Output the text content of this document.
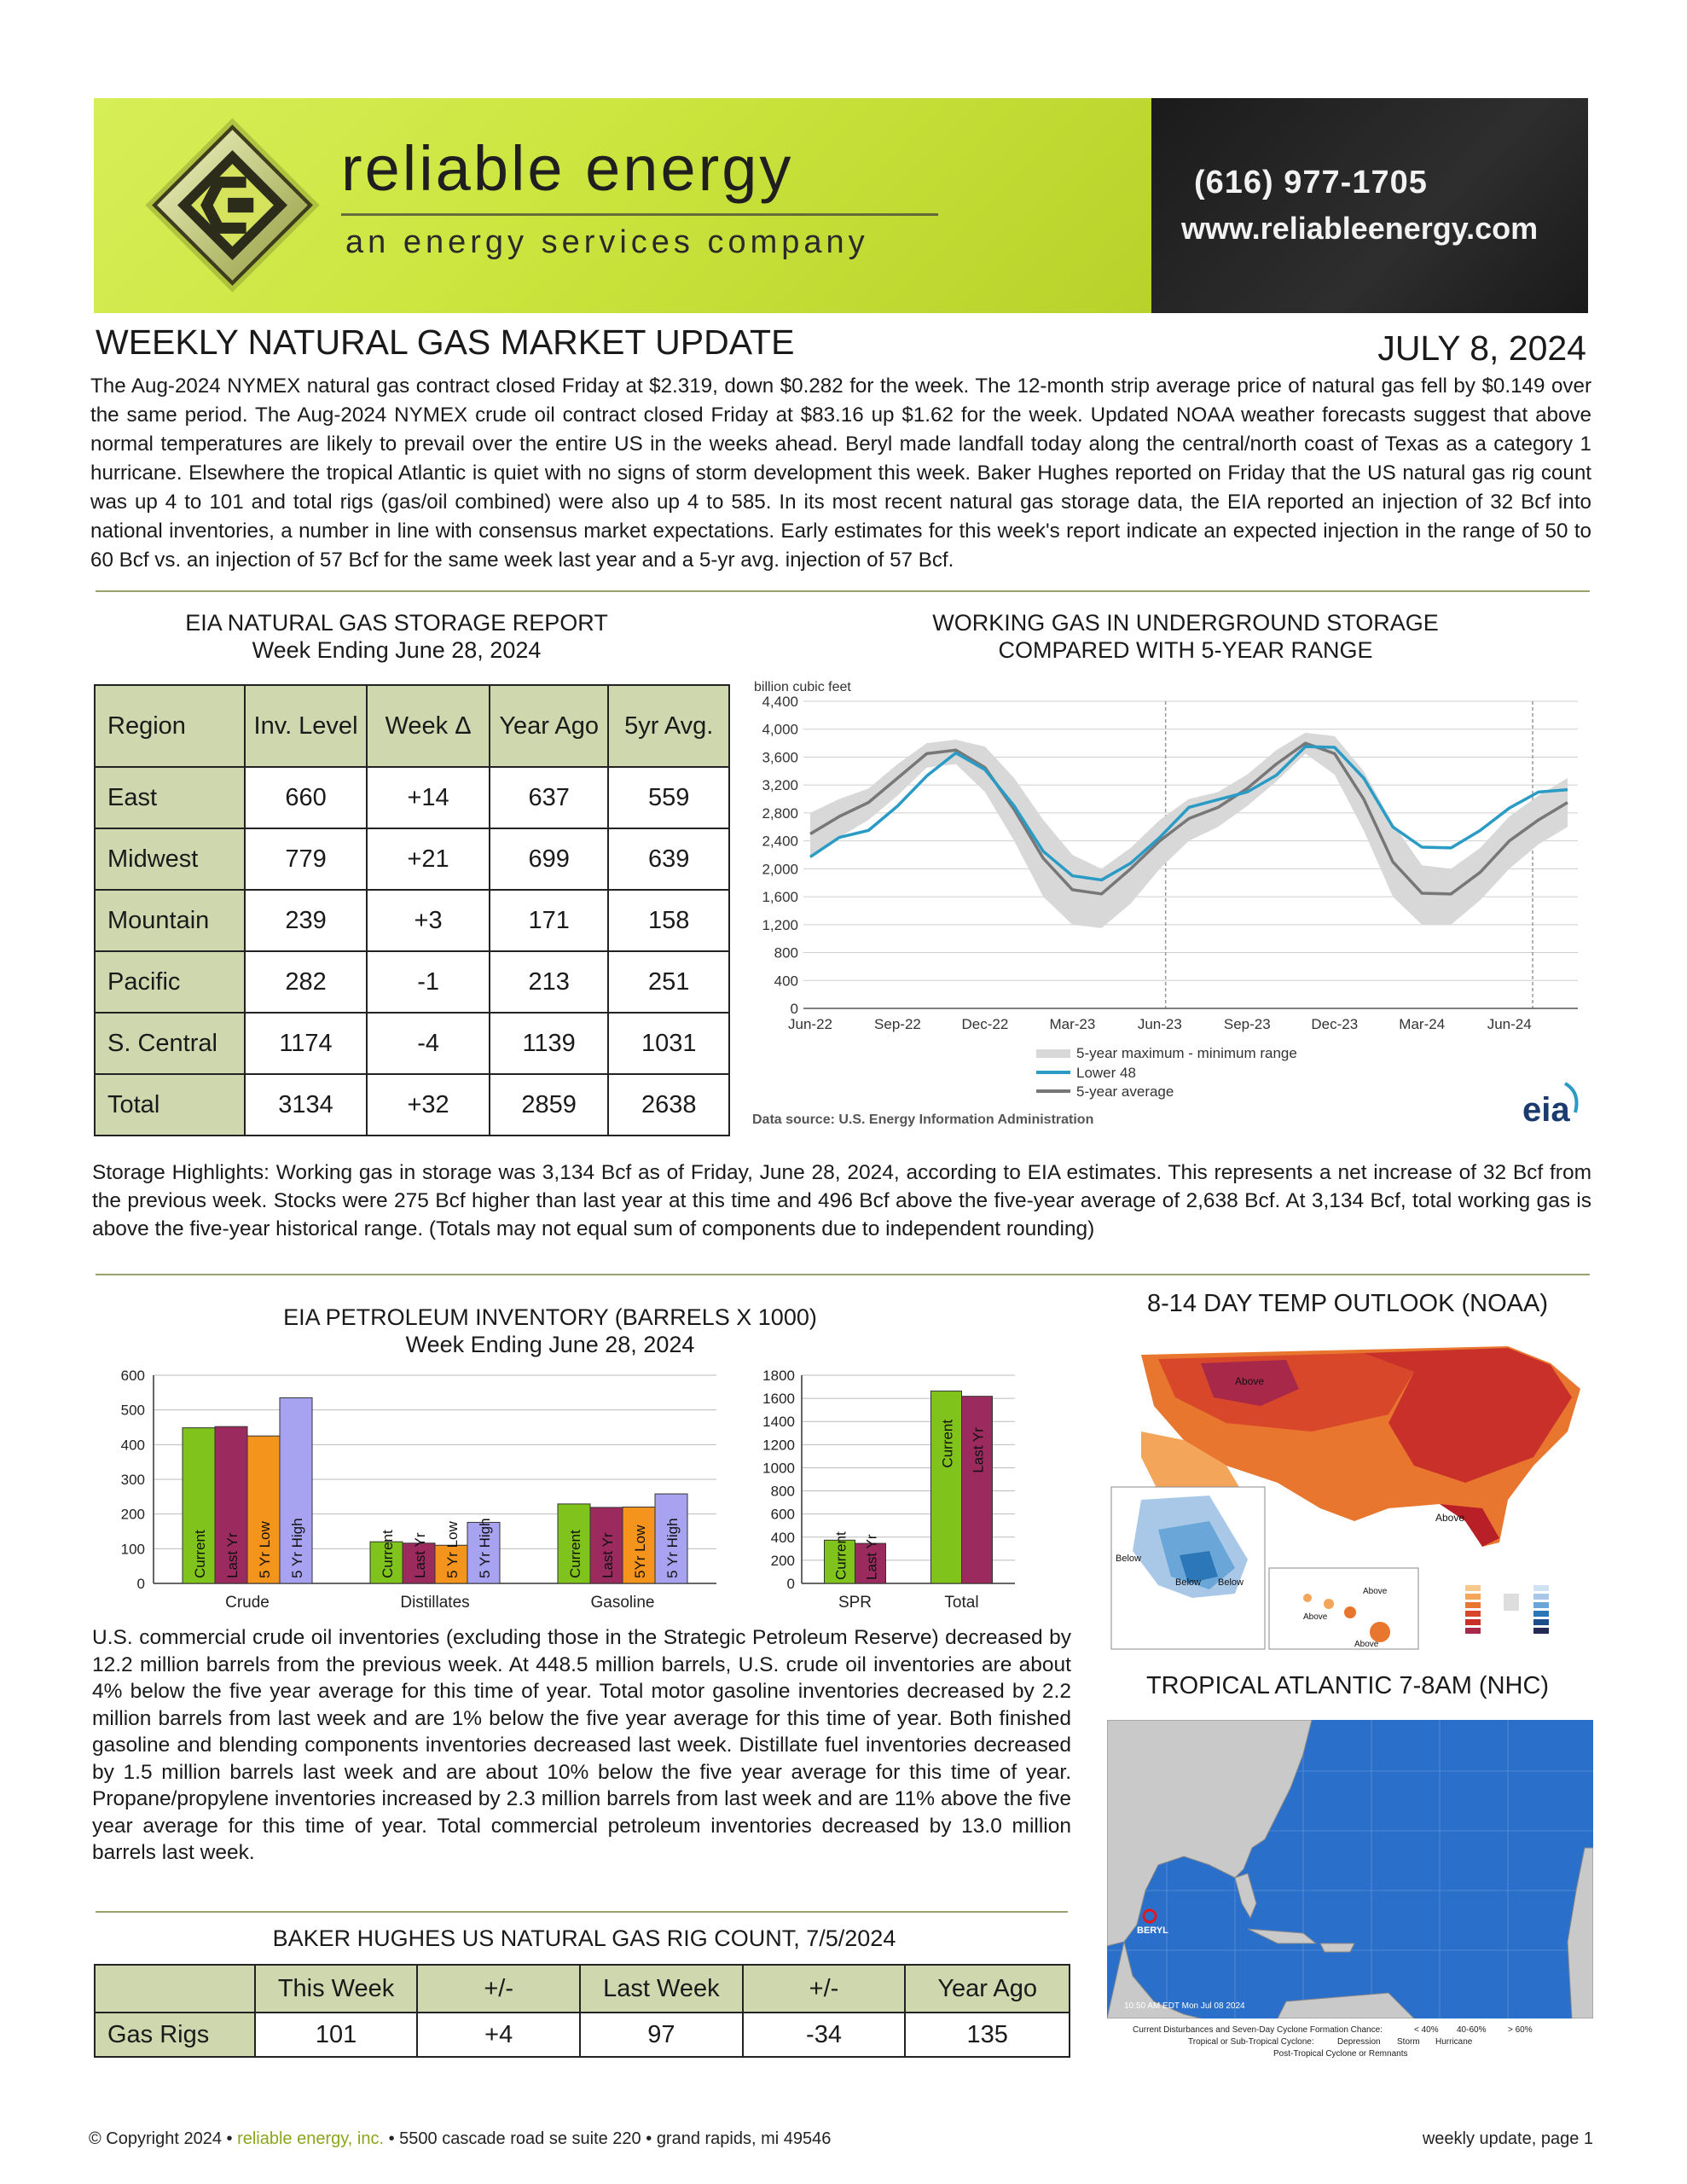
reliable energy
an energy services company
(616) 977-1705
www.reliableenergy.com
WEEKLY NATURAL GAS MARKET UPDATE	JULY 8, 2024
The Aug-2024 NYMEX natural gas contract closed Friday at $2.319, down $0.282 for the week. The 12-month strip average price of natural gas fell by $0.149 over the same period. The Aug-2024 NYMEX crude oil contract closed Friday at $83.16 up $1.62 for the week. Updated NOAA weather forecasts suggest that above normal temperatures are likely to prevail over the entire US in the weeks ahead. Beryl made landfall today along the central/north coast of Texas as a category 1 hurricane. Elsewhere the tropical Atlantic is quiet with no signs of storm development this week. Baker Hughes reported on Friday that the US natural gas rig count was up 4 to 101 and total rigs (gas/oil combined) were also up 4 to 585. In its most recent natural gas storage data, the EIA reported an injection of 32 Bcf into national inventories, a number in line with consensus market expectations. Early estimates for this week's report indicate an expected injection in the range of 50 to 60 Bcf vs. an injection of 57 Bcf for the same week last year and a 5-yr avg. injection of 57 Bcf.
EIA NATURAL GAS STORAGE REPORT
Week Ending June 28, 2024
Region	Inv. Level	Week Δ	Year Ago	5yr Avg.
East	660	+14	637	559
Midwest	779	+21	699	639
Mountain	239	+3	171	158
Pacific	282	-1	213	251
S. Central	1174	-4	1139	1031
Total	3134	+32	2859	2638
WORKING GAS IN UNDERGROUND STORAGE
COMPARED WITH 5-YEAR RANGE
billion cubic feet
0
400
800
1,200
1,600
2,000
2,400
2,800
3,200
3,600
4,000
4,400
Jun-22	Sep-22	Dec-22	Mar-23	Jun-23	Sep-23	Dec-23	Mar-24	Jun-24
5-year maximum - minimum range
Lower 48
5-year average
Data source: U.S. Energy Information Administration	eia
Storage Highlights: Working gas in storage was 3,134 Bcf as of Friday, June 28, 2024, according to EIA estimates. This represents a net increase of 32 Bcf from the previous week. Stocks were 275 Bcf higher than last year at this time and 496 Bcf above the five-year average of 2,638 Bcf. At 3,134 Bcf, total working gas is above the five-year historical range. (Totals may not equal sum of components due to independent rounding)
EIA PETROLEUM INVENTORY (BARRELS X 1000)
Week Ending June 28, 2024
0
100
200
300
400
500
600
Current Last Yr 5 Yr Low 5 Yr High
Crude
Current Last Yr 5 Yr Low 5 Yr High
Distillates
Current Last Yr 5Yr Low 5 Yr High
Gasoline
0
200
400
600
800
1000
1200
1400
1600
1800
Current Last Yr
SPR
Current Last Yr
Total
U.S. commercial crude oil inventories (excluding those in the Strategic Petroleum Reserve) decreased by 12.2 million barrels from the previous week. At 448.5 million barrels, U.S. crude oil inventories are about 4% below the five year average for this time of year. Total motor gasoline inventories decreased by 2.2 million barrels from last week and are 1% below the five year average for this time of year. Both finished gasoline and blending components inventories decreased last week. Distillate fuel inventories decreased by 1.5 million barrels last week and are about 10% below the five year average for this time of year. Propane/propylene inventories increased by 2.3 million barrels from last week and are 11% above the five year average for this time of year. Total commercial petroleum inventories decreased by 13.0 million barrels last week.
BAKER HUGHES US NATURAL GAS RIG COUNT, 7/5/2024
	This Week	+/-	Last Week	+/-	Year Ago
Gas Rigs	101	+4	97	-34	135
8-14 DAY TEMP OUTLOOK (NOAA)
Above
Above
Below
Below Below
Above
Above
Above
TROPICAL ATLANTIC 7-8AM (NHC)
BERYL
10:50 AM EDT Mon Jul 08 2024
Current Disturbances and Seven-Day Cyclone Formation Chance:	< 40% 40-60%	> 60%
Tropical or Sub-Tropical Cyclone:	Depression Storm Hurricane
Post-Tropical Cyclone or Remnants
© Copyright 2024 • reliable energy, inc. • 5500 cascade road se suite 220 • grand rapids, mi 49546	weekly update, page 1
